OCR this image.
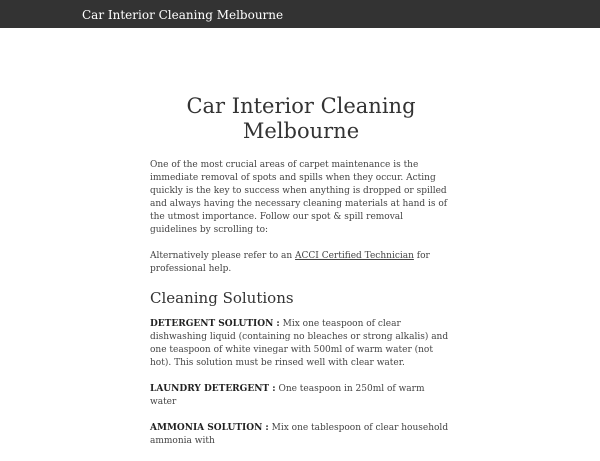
Car Interior Cleaning Melbourne
Car Interior Cleaning Melbourne

One of the most crucial areas of carpet maintenance is the immediate removal of spots and spills when they occur. Acting quickly is the key to success when anything is dropped or spilled and always having the necessary cleaning materials at hand is of the utmost importance. Follow our spot & spill removal guidelines by scrolling to:

Alternatively please refer to an ACCI Certified Technician for professional help.

Cleaning Solutions

DETERGENT SOLUTION : Mix one teaspoon of clear dishwashing liquid (containing no bleaches or strong alkalis) and one teaspoon of white vinegar with 500ml of warm water (not hot). This solution must be rinsed well with clear water.

LAUNDRY DETERGENT : One teaspoon in 250ml of warm water

AMMONIA SOLUTION : Mix one tablespoon of clear household ammonia with
